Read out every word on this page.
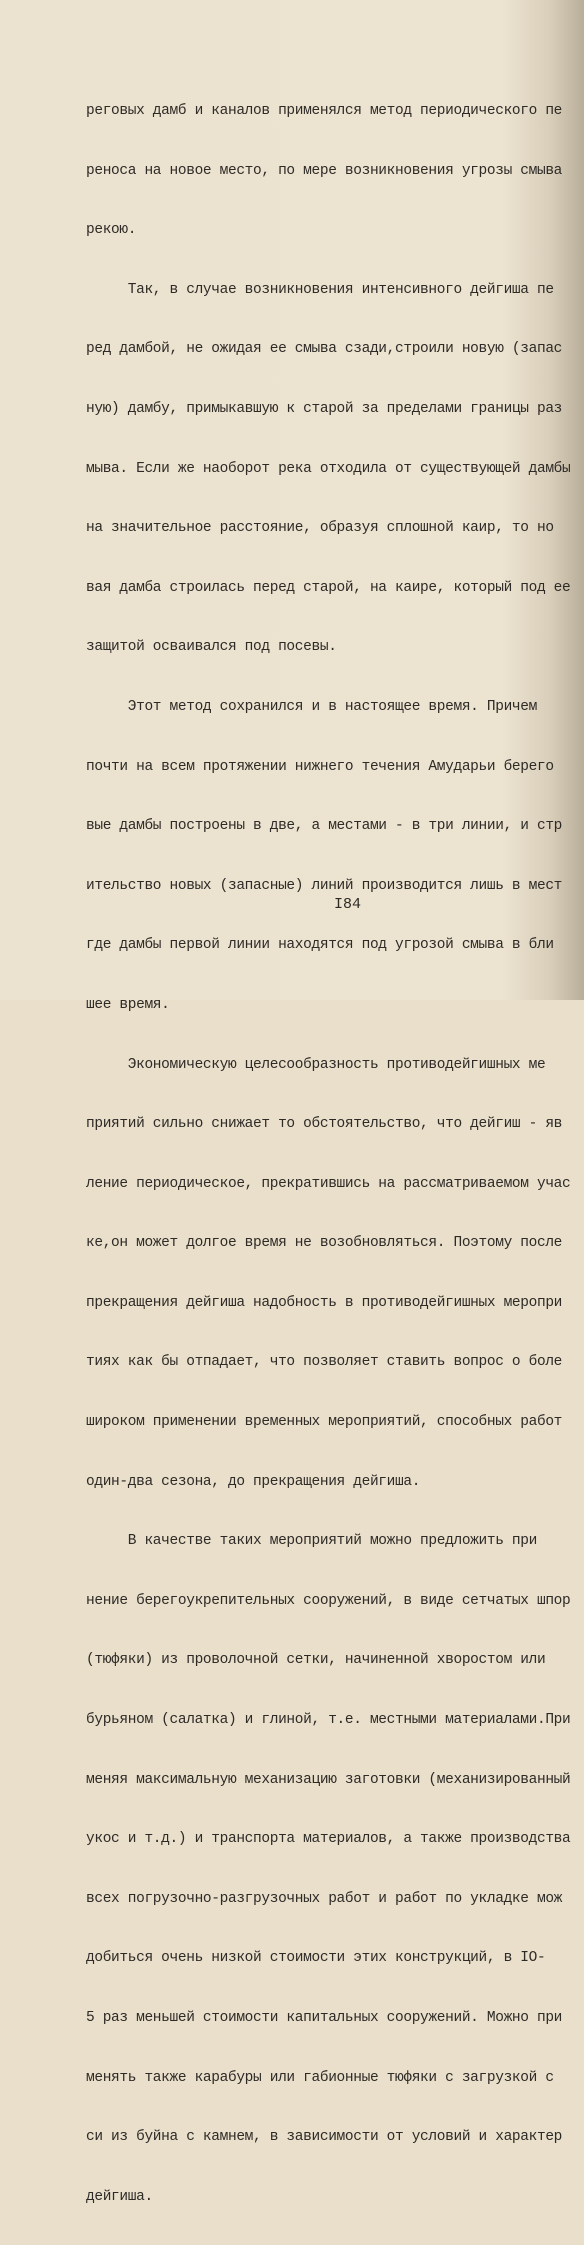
реговых дамб и каналов применялся метод периодического пе

реноса на новое место, по мере возникновения угрозы смыва

рекою.

Так, в случае возникновения интенсивного дейгиша пе

ред дамбой, не ожидая ее смыва сзади,строили новую (запас

ную) дамбу, примыкавшую к старой за пределами границы раз

мыва. Если же наоборот река отходила от существующей дамбы

на значительное расстояние, образуя сплошной каир, то но

вая дамба строилась перед старой, на каире, который под ее

защитой осваивался под посевы.

Этот метод сохранился и в настоящее время. Причем

почти на всем протяжении нижнего течения Амударьи берего

вые дамбы построены в две, а местами - в три линии, и стр

ительство новых (запасные) линий производится лишь в мест

где дамбы первой линии находятся под угрозой смыва в бли

шее время.

Экономическую целесообразность противодейгишных ме

приятий сильно снижает то обстоятельство, что дейгиш - яв

ление периодическое, прекратившись на рассматриваемом учас

ке,он может долгое время не возобновляться. Поэтому после

прекращения дейгиша надобность в противодейгишных меропри

тиях как бы отпадает, что позволяет ставить вопрос о боле

широком применении временных мероприятий, способных работ

один-два сезона, до прекращения дейгиша.

В качестве таких мероприятий можно предложить при

нение берегоукрепительных сооружений, в виде сетчатых шпор

(тюфяки) из проволочной сетки, начиненной хворостом или

бурьяном (салатка) и глиной, т.е. местными материалами.При

меняя максимальную механизацию заготовки (механизированный

укос и т.д.) и транспорта материалов, а также производства

всех погрузочно-разгрузочных работ и работ по укладке мож

добиться очень низкой стоимости этих конструкций, в IO-

5 раз меньшей стоимости капитальных сооружений. Можно при

менять также карабуры или габионные тюфяки с загрузкой с

си из буйна с камнем, в зависимости от условий и характер

дейгиша.

I84
